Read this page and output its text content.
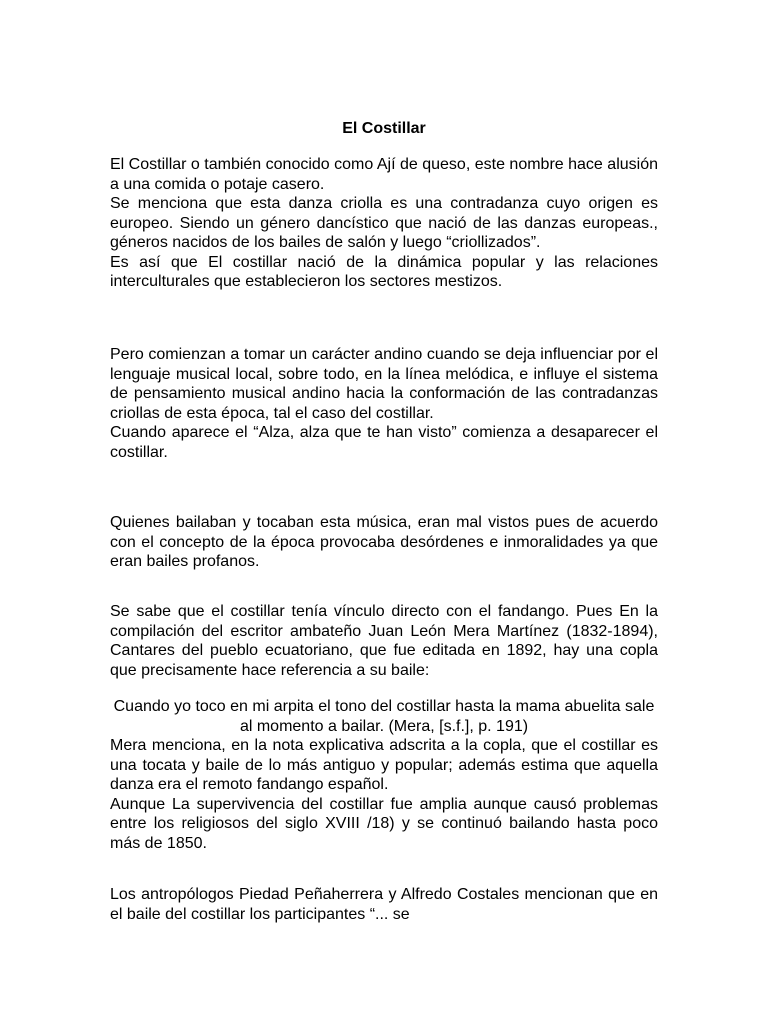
El Costillar

El Costillar o también conocido como Ají de queso, este nombre hace alusión a una comida o potaje casero.

Se menciona que esta danza criolla es una contradanza cuyo origen es europeo. Siendo un género dancístico que nació de las danzas europeas., géneros nacidos de los bailes de salón y luego “criollizados”.

Es así que El costillar nació de la dinámica popular y las relaciones interculturales que establecieron los sectores mestizos.

Pero comienzan a tomar un carácter andino cuando se deja influenciar por el lenguaje musical local, sobre todo, en la línea melódica, e influye el sistema de pensamiento musical andino hacia la conformación de las contradanzas criollas de esta época, tal el caso del costillar.

Cuando aparece el “Alza, alza que te han visto” comienza a desaparecer el costillar.

Quienes bailaban y tocaban esta música, eran mal vistos pues de acuerdo con el concepto de la época provocaba desórdenes e inmoralidades ya que eran bailes profanos.

Se sabe que el costillar tenía vínculo directo con el fandango. Pues En la compilación del escritor ambateño Juan León Mera Martínez (1832-1894), Cantares del pueblo ecuatoriano, que fue editada en 1892, hay una copla que precisamente hace referencia a su baile:

Cuando yo toco en mi arpita el tono del costillar hasta la mama abuelita sale al momento a bailar. (Mera, [s.f.], p. 191)

Mera menciona, en la nota explicativa adscrita a la copla, que el costillar es una tocata y baile de lo más antiguo y popular; además estima que aquella danza era el remoto fandango español.

Aunque La supervivencia del costillar fue amplia aunque causó problemas entre los religiosos del siglo XVIII /18) y se continuó bailando hasta poco más de 1850.

Los antropólogos Piedad Peñaherrera y Alfredo Costales mencionan que en el baile del costillar los participantes “... se
